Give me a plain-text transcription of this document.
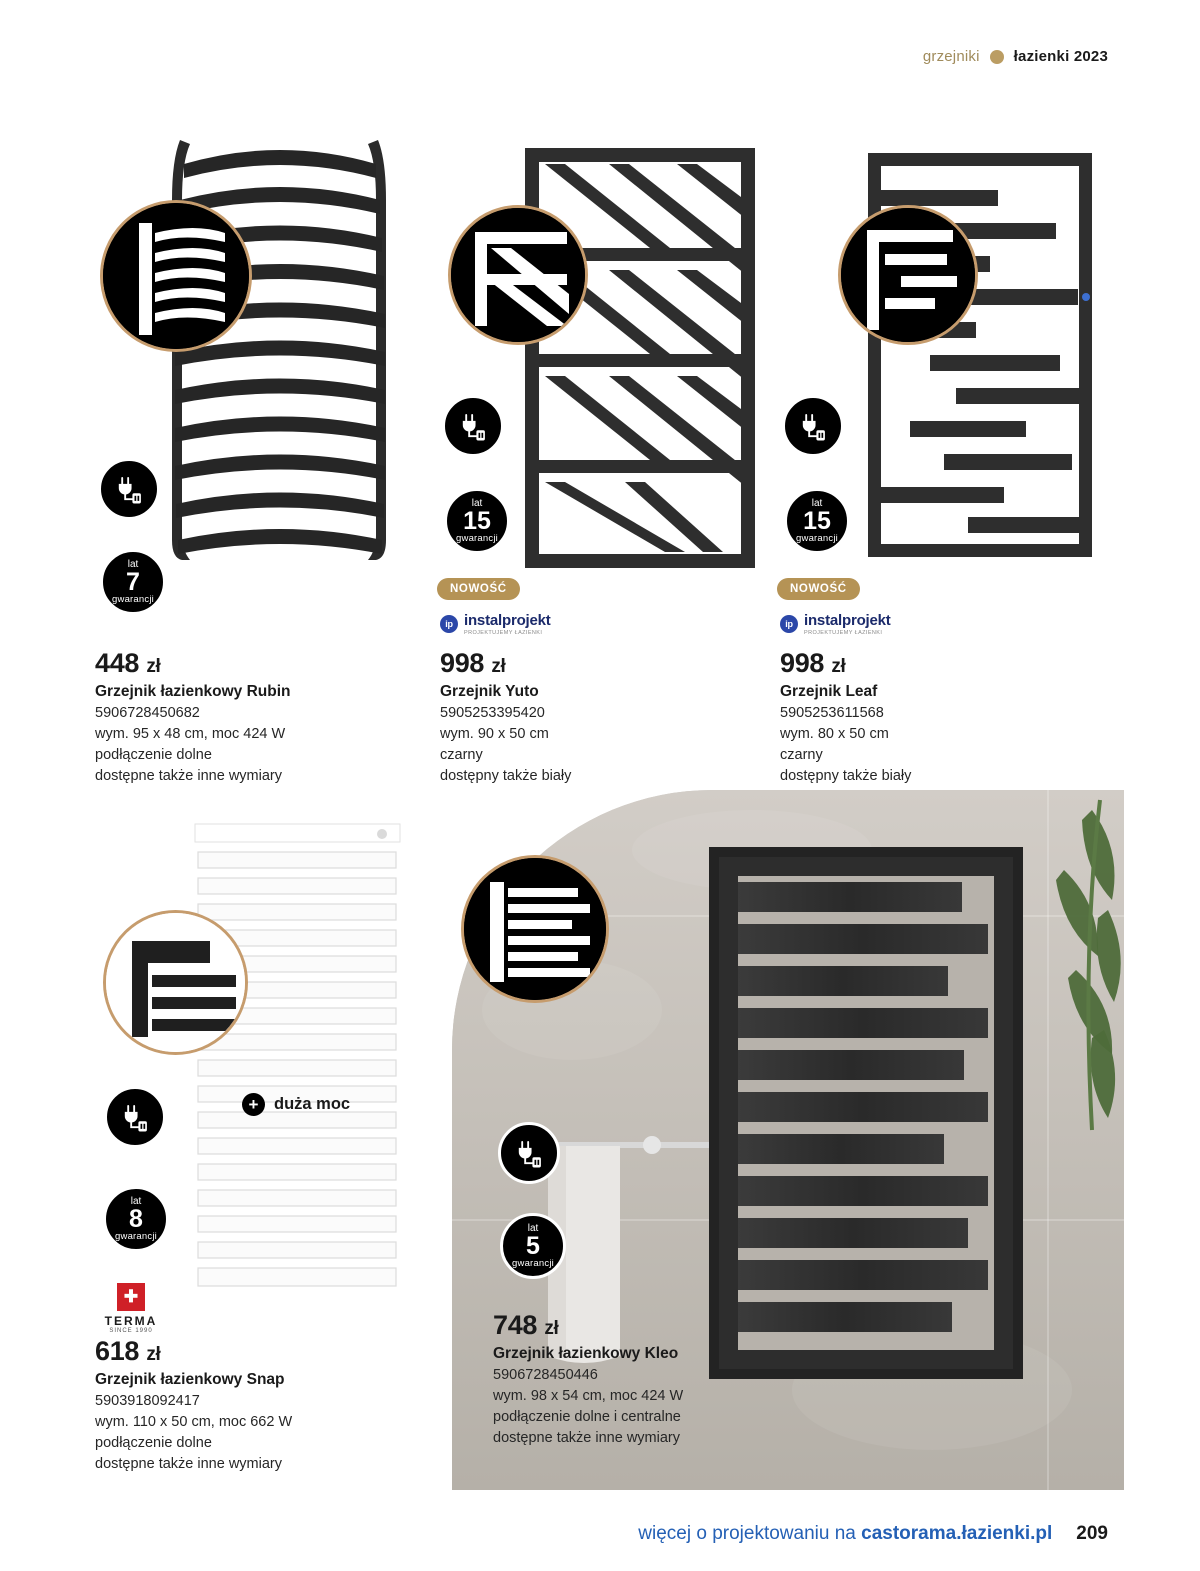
grzejniki łazienki 2023
lat
7
gwarancji

448 zł

Grzejnik łazienkowy Rubin

5906728450682

wym. 95 x 48 cm, moc 424 W

podłączenie dolne

dostępne także inne wymiary

lat
15
gwarancji
NOWOŚĆ
ip instalprojekt
PROJEKTUJEMY ŁAZIENKI

998 zł

Grzejnik Yuto

5905253395420

wym. 90 x 50 cm

czarny

dostępny także biały

lat
15
gwarancji
NOWOŚĆ
ip instalprojekt
PROJEKTUJEMY ŁAZIENKI

998 zł

Grzejnik Leaf

5905253611568

wym. 80 x 50 cm

czarny

dostępny także biały

+ duża moc
lat
8
gwarancji
✚
TERMA
SINCE 1990

618 zł

Grzejnik łazienkowy Snap

5903918092417

wym. 110 x 50 cm, moc 662 W

podłączenie dolne

dostępne także inne wymiary

lat
5
gwarancji

748 zł

Grzejnik łazienkowy Kleo

5906728450446

wym. 98 x 54 cm, moc 424 W

podłączenie dolne i centralne

dostępne także inne wymiary

więcej o projektowaniu na castorama.łazienki.pl 209
